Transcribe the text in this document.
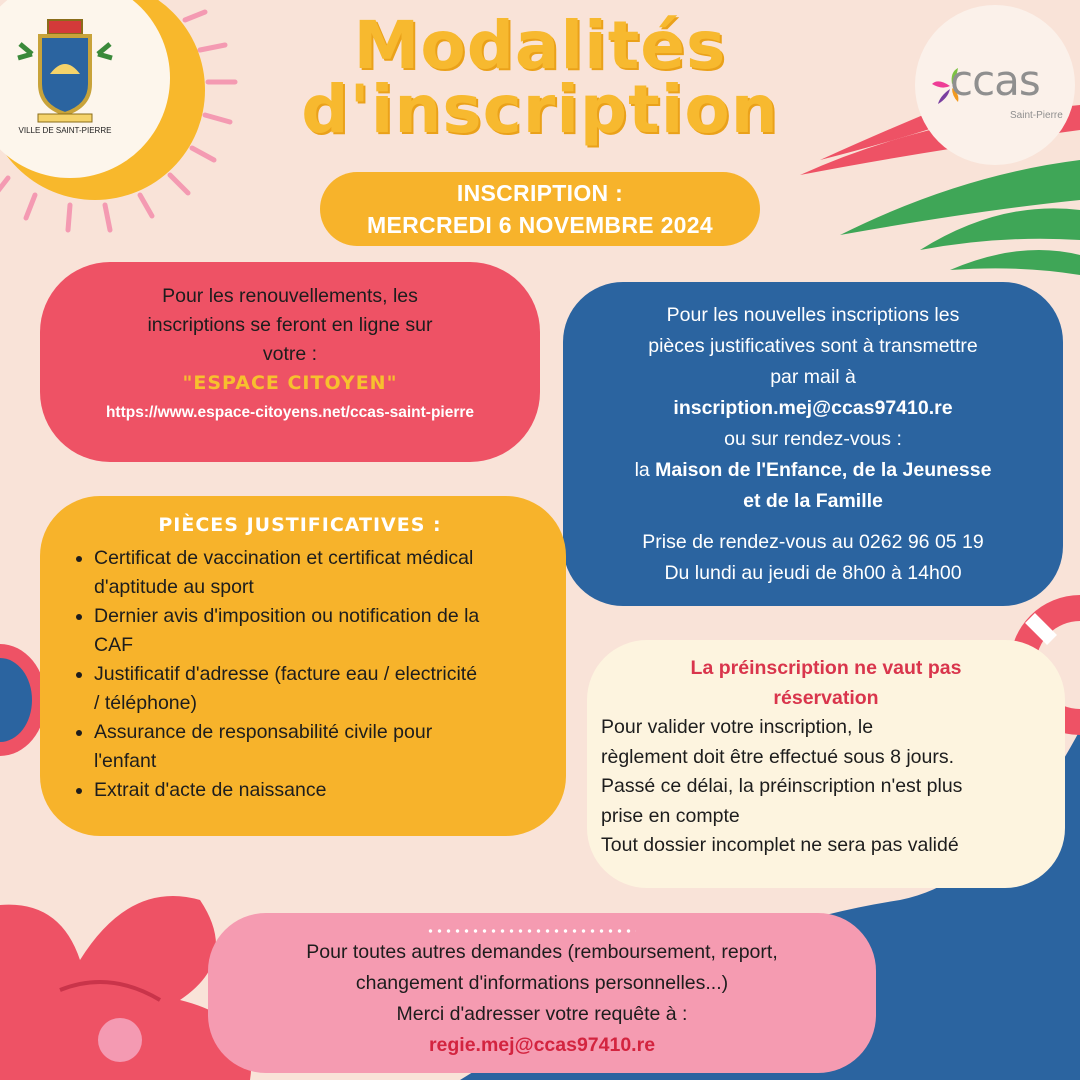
VILLE DE SAINT-PIERRE
ccas
Saint-Pierre
Modalités
d'inscription
INSCRIPTION :
MERCREDI 6 NOVEMBRE 2024
Pour les renouvellements, les
inscriptions se feront en ligne sur
votre :
"ESPACE CITOYEN"
https://www.espace-citoyens.net/ccas-saint-pierre
Pour les nouvelles inscriptions les
pièces justificatives sont à transmettre
par mail à
inscription.mej@ccas97410.re
ou sur rendez-vous :
la Maison de l'Enfance, de la Jeunesse
et de la Famille
Prise de rendez-vous au 0262 96 05 19
Du lundi au jeudi de 8h00 à 14h00
PIÈCES JUSTIFICATIVES :
• Certificat de vaccination et certificat médical
d'aptitude au sport
• Dernier avis d'imposition ou notification de la
CAF
• Justificatif d'adresse (facture eau / electricité
/ téléphone)
• Assurance de responsabilité civile pour
l'enfant
• Extrait d'acte de naissance
La préinscription ne vaut pas
réservation
Pour valider votre inscription, le
règlement doit être effectué sous 8 jours.
Passé ce délai, la préinscription n'est plus
prise en compte
Tout dossier incomplet ne sera pas validé
Pour toutes autres demandes (remboursement, report,
changement d'informations personnelles...)
Merci d'adresser votre requête à :
regie.mej@ccas97410.re
